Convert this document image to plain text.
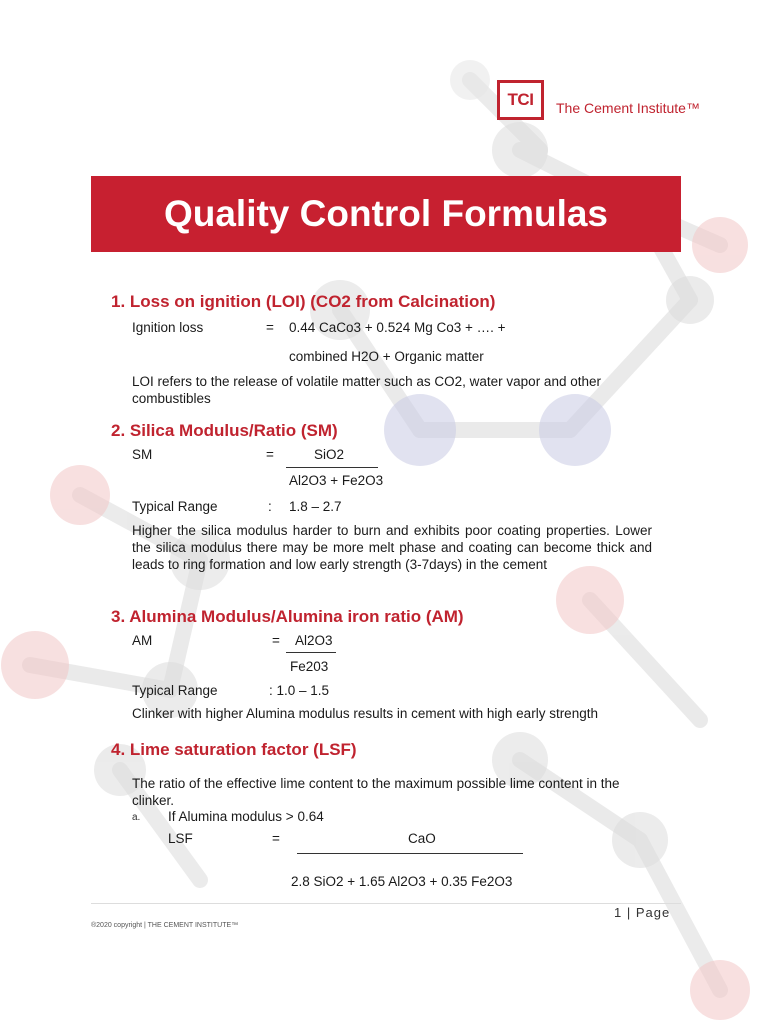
TCI	The Cement Institute™
Quality Control Formulas
1. Loss on ignition (LOI) (CO2 from Calcination)
Ignition loss	= 0.44 CaCo3 + 0.524 Mg Co3 + …. +
combined H2O + Organic matter
LOI refers to the release of volatile matter such as CO2, water vapor and other combustibles
2. Silica Modulus/Ratio (SM)
SM	=	SiO2
Al2O3 + Fe2O3
Typical Range	: 1.8 – 2.7
Higher the silica modulus harder to burn and exhibits poor coating properties. Lower the silica modulus there may be more melt phase and coating can become thick and leads to ring formation and low early strength (3-7days) in the cement
3. Alumina Modulus/Alumina iron ratio (AM)
AM	= Al2O3
Fe203
Typical Range	: 1.0 – 1.5
Clinker with higher Alumina modulus results in cement with high early strength
4. Lime saturation factor (LSF)
The ratio of the effective lime content to the maximum possible lime content in the clinker.
a. If Alumina modulus > 0.64
LSF	=	CaO
2.8 SiO2 + 1.65 Al2O3 + 0.35 Fe2O3
1 | Page
®2020 copyright | THE CEMENT INSTITUTE™
